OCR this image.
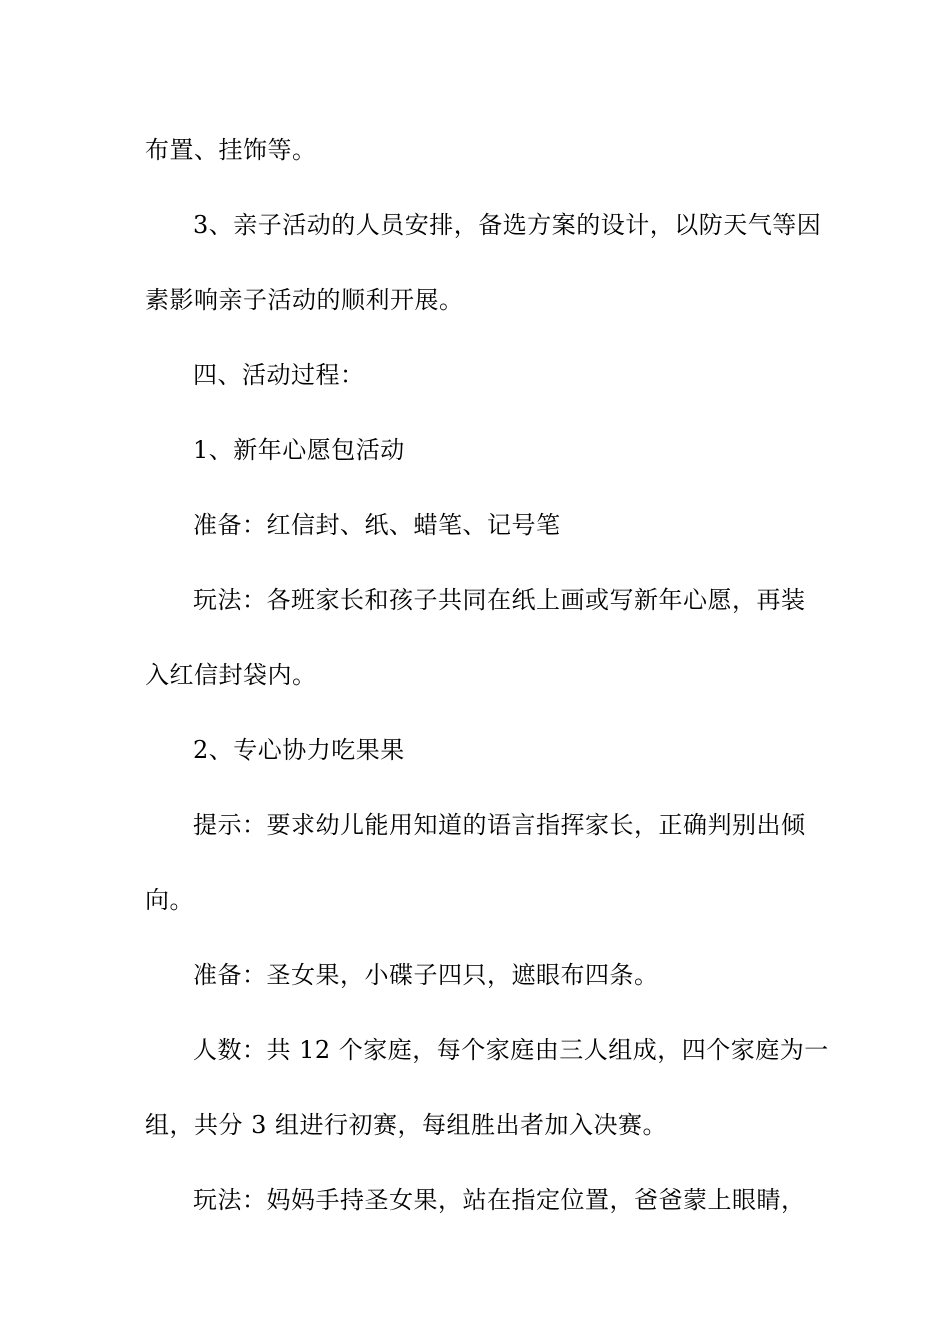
布置、挂饰等。
3、亲子活动的人员安排，备选方案的设计，以防天气等因
素影响亲子活动的顺利开展。
四、活动过程：
1、新年心愿包活动
准备：红信封、纸、蜡笔、记号笔
玩法：各班家长和孩子共同在纸上画或写新年心愿，再装
入红信封袋内。
2、专心协力吃果果
提示：要求幼儿能用知道的语言指挥家长，正确判别出倾
向。
准备：圣女果，小碟子四只，遮眼布四条。
人数：共 12 个家庭，每个家庭由三人组成，四个家庭为一
组，共分 3 组进行初赛，每组胜出者加入决赛。
玩法：妈妈手持圣女果，站在指定位置，爸爸蒙上眼睛，
